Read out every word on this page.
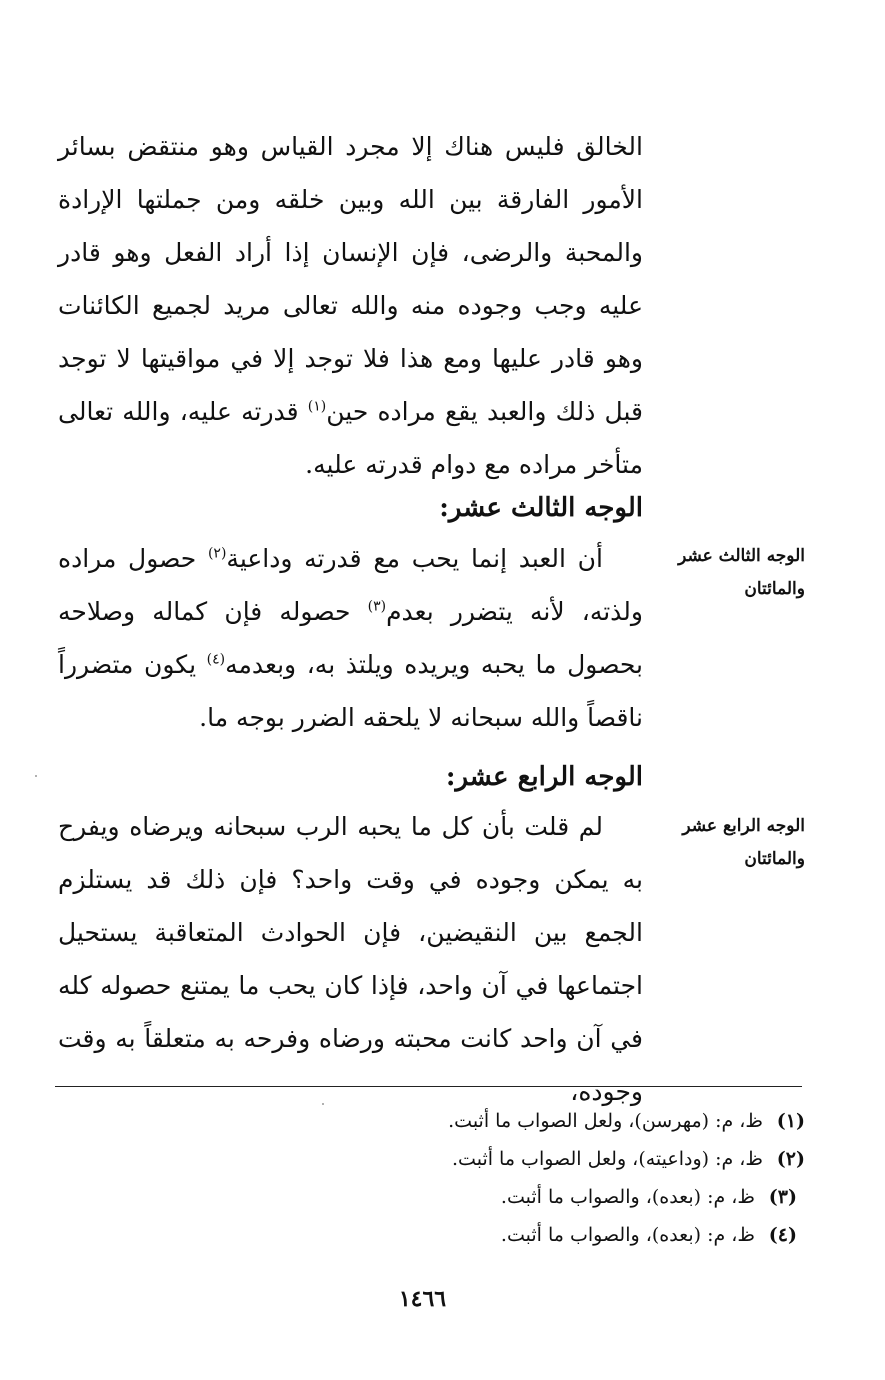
الخالق فليس هناك إلا مجرد القياس وهو منتقض بسائر الأمور الفارقة بين الله وبين خلقه ومن جملتها الإرادة والمحبة والرضى، فإن الإنسان إذا أراد الفعل وهو قادر عليه وجب وجوده منه والله تعالى مريد لجميع الكائنات وهو قادر عليها ومع هذا فلا توجد إلا في مواقيتها لا توجد قبل ذلك والعبد يقع مراده حين$^{(١)}$ قدرته عليه، والله تعالى متأخر مراده مع دوام قدرته عليه.
الوجه الثالث عشر:
الوجه الثالث عشر والمائتان
أن العبد إنما يحب مع قدرته وداعية$^{(٢)}$ حصول مراده ولذته، لأنه يتضرر بعدم$^{(٣)}$ حصوله فإن كماله وصلاحه بحصول ما يحبه ويريده ويلتذ به، وبعدمه$^{(٤)}$ يكون متضرراً ناقصاً والله سبحانه لا يلحقه الضرر بوجه ما.
الوجه الرابع عشر:
الوجه الرابع عشر والمائتان
لم قلت بأن كل ما يحبه الرب سبحانه ويرضاه ويفرح به يمكن وجوده في وقت واحد؟ فإن ذلك قد يستلزم الجمع بين النقيضين، فإن الحوادث المتعاقبة يستحيل اجتماعها في آن واحد، فإذا كان يحب ما يمتنع حصوله كله في آن واحد كانت محبته ورضاه وفرحه به متعلقاً به وقت وجوده،
(١)ظ، م: (مهرسن)، ولعل الصواب ما أثبت.
(٢)ظ، م: (وداعيته)، ولعل الصواب ما أثبت.
(٣)ظ، م: (بعده)، والصواب ما أثبت.
(٤)ظ، م: (بعده)، والصواب ما أثبت.
١٤٦٦
